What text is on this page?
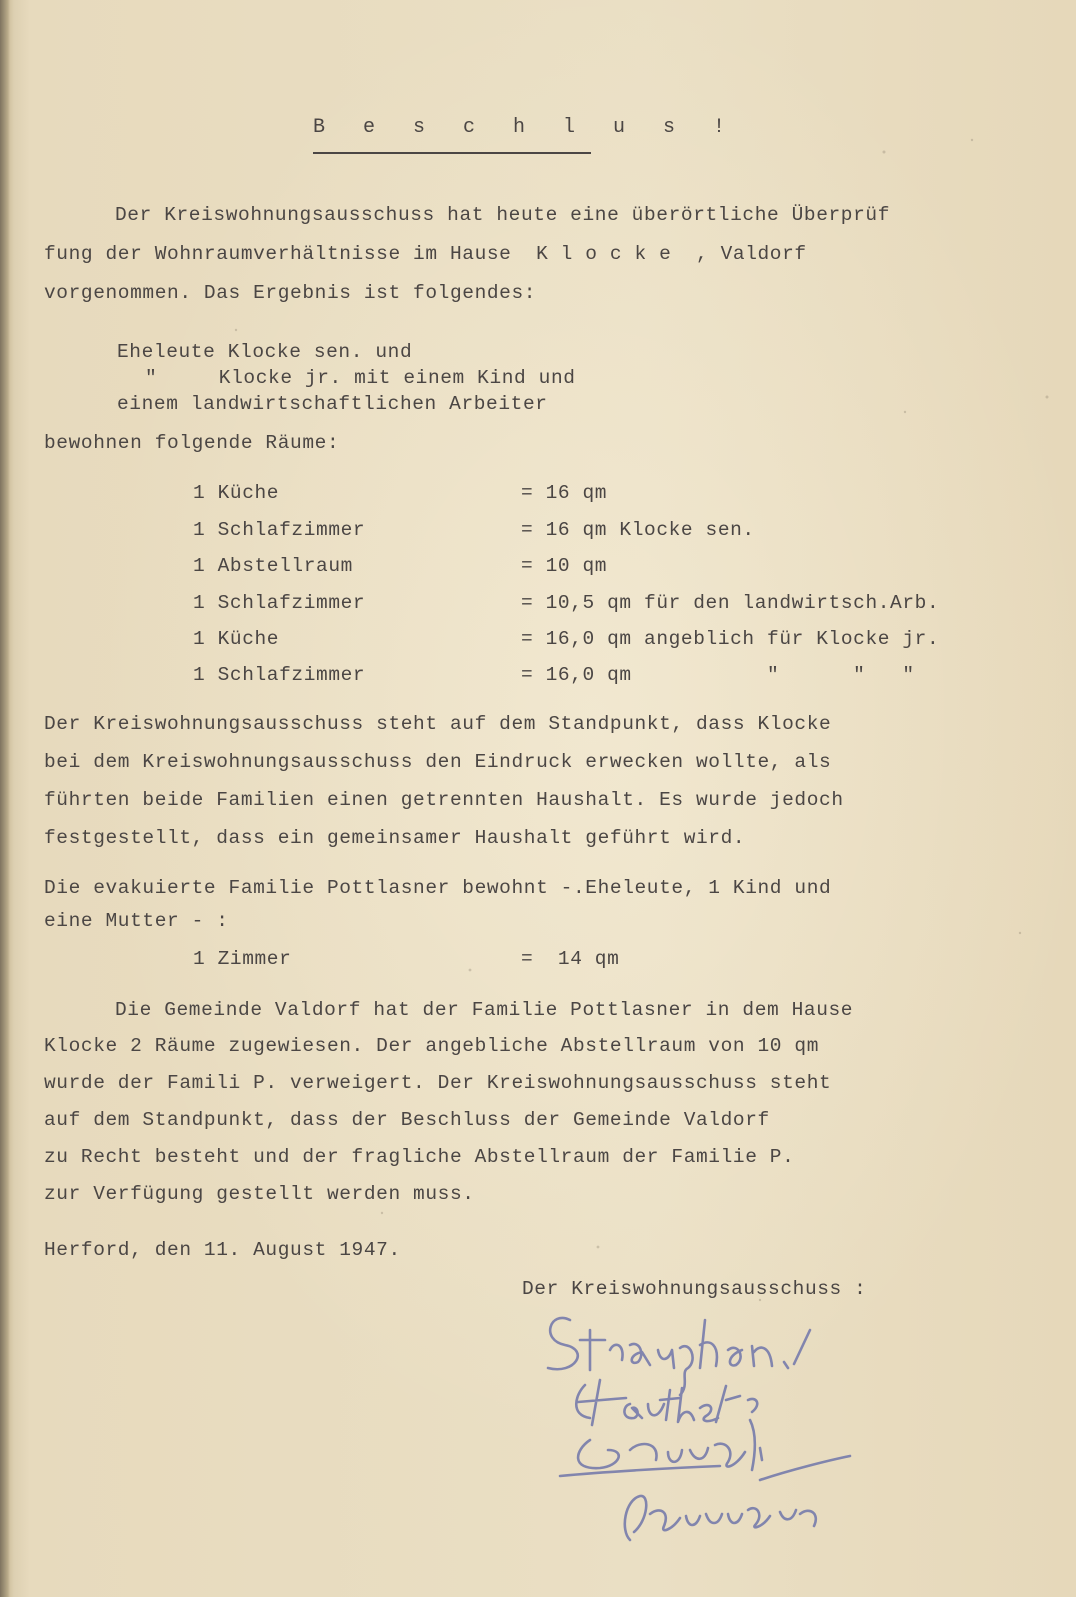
B e s c h l u s !
Der Kreiswohnungsausschuss hat heute eine überörtliche Überprüf
fung der Wohnraumverhältnisse im Hause  K l o c k e  , Valdorf
vorgenommen. Das Ergebnis ist folgendes:
Eheleute Klocke sen. und
"     Klocke jr. mit einem Kind und
einem landwirtschaftlichen Arbeiter
bewohnen folgende Räume:
1 Küche	= 16 qm
1 Schlafzimmer	= 16 qm Klocke sen.
1 Abstellraum	= 10 qm
1 Schlafzimmer	= 10,5 qm für den landwirtsch.Arb.
1 Küche	= 16,0 qm angeblich für Klocke jr.
1 Schlafzimmer	= 16,0 qm           "      "   "
Der Kreiswohnungsausschuss steht auf dem Standpunkt, dass Klocke
bei dem Kreiswohnungsausschuss den Eindruck erwecken wollte, als
führten beide Familien einen getrennten Haushalt. Es wurde jedoch
festgestellt, dass ein gemeinsamer Haushalt geführt wird.
Die evakuierte Familie Pottlasner bewohnt -.Eheleute, 1 Kind und
eine Mutter - :
1 Zimmer	=  14 qm
Die Gemeinde Valdorf hat der Familie Pottlasner in dem Hause
Klocke 2 Räume zugewiesen. Der angebliche Abstellraum von 10 qm
wurde der Famili P. verweigert. Der Kreiswohnungsausschuss steht
auf dem Standpunkt, dass der Beschluss der Gemeinde Valdorf
zu Recht besteht und der fragliche Abstellraum der Familie P.
zur Verfügung gestellt werden muss.
Herford, den 11. August 1947.
Der Kreiswohnungsausschuss :
